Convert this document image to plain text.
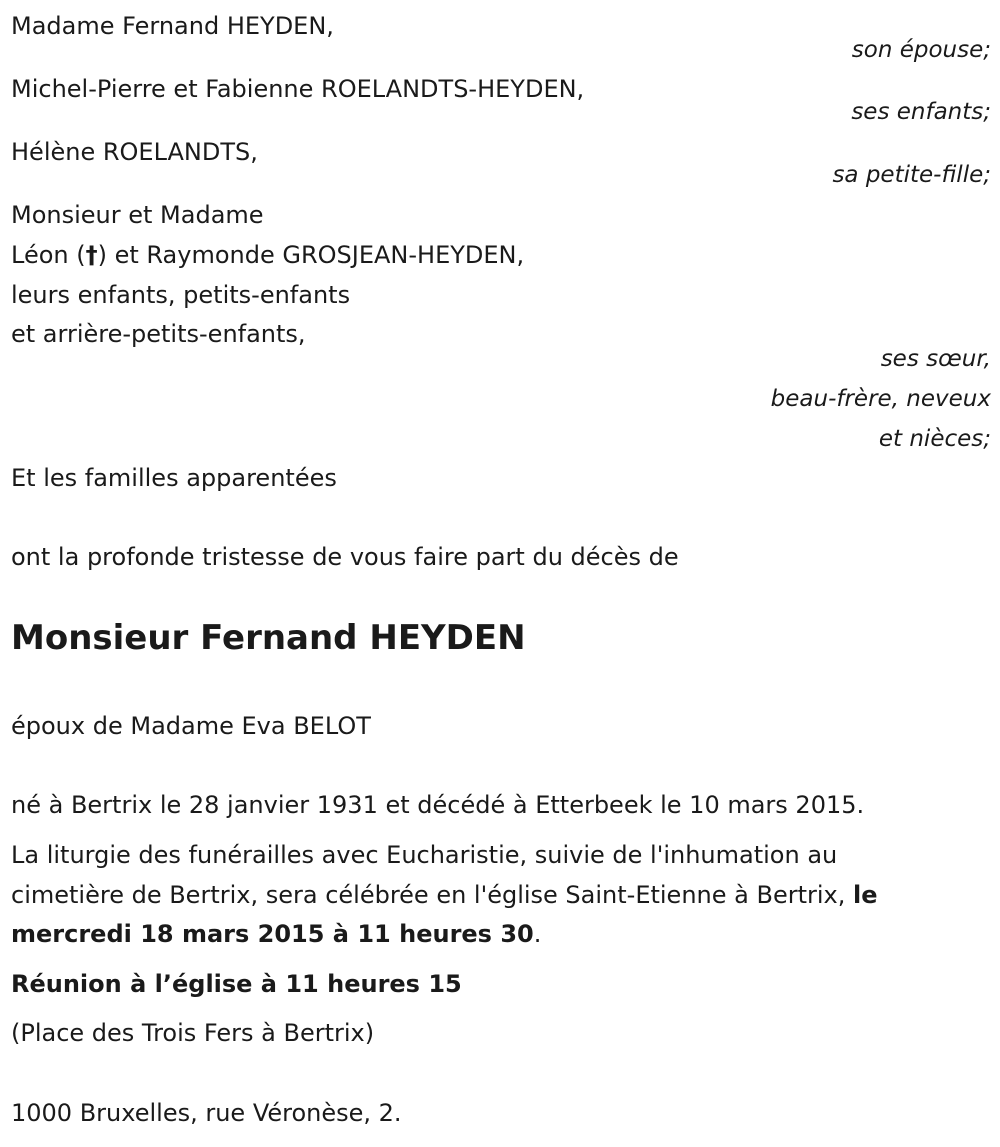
Madame Fernand HEYDEN,
son épouse;
Michel-Pierre et Fabienne ROELANDTS-HEYDEN,
ses enfants;
Hélène ROELANDTS,
sa petite-fille;
Monsieur et Madame
Léon (†) et Raymonde GROSJEAN-HEYDEN,
leurs enfants, petits-enfants
et arrière-petits-enfants,
ses sœur,
beau-frère, neveux
et nièces;
Et les familles apparentées
ont la profonde tristesse de vous faire part du décès de
Monsieur Fernand HEYDEN
époux de Madame Eva BELOT
né à Bertrix le 28 janvier 1931 et décédé à Etterbeek le 10 mars 2015.
La liturgie des funérailles avec Eucharistie, suivie de l'inhumation au
cimetière de Bertrix, sera célébrée en l'église Saint-Etienne à Bertrix, le
mercredi 18 mars 2015 à 11 heures 30.
Réunion à l’église à 11 heures 15
(Place des Trois Fers à Bertrix)
1000 Bruxelles, rue Véronèse, 2.
